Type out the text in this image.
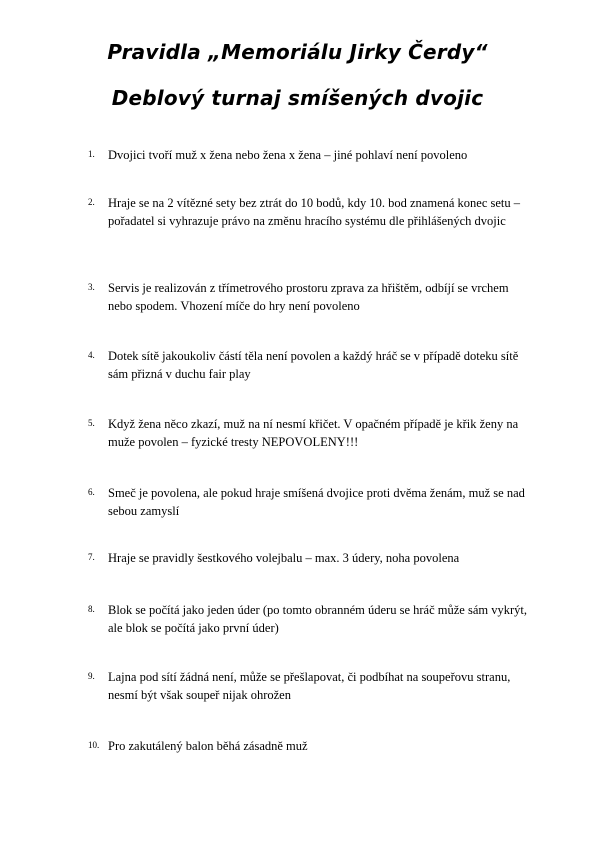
Pravidla „Memoriálu Jirky Čerdy“
Deblový turnaj smíšených dvojic
1.	Dvojici tvoří muž x žena nebo žena x žena – jiné pohlaví není povoleno
2.	Hraje se na 2 vítězné sety bez ztrát do 10 bodů, kdy 10. bod znamená konec setu – pořadatel si vyhrazuje právo na změnu hracího systému dle přihlášených dvojic
3.	Servis je realizován z třímetrového prostoru zprava za hřištěm, odbíjí se vrchem nebo spodem. Vhození míče do hry není povoleno
4.	Dotek sítě jakoukoliv částí těla není povolen a každý hráč se v případě doteku sítě sám přizná v duchu fair play
5.	Když žena něco zkazí, muž na ní nesmí křičet. V opačném případě je křik ženy na muže povolen – fyzické tresty NEPOVOLENY!!!
6.	Smeč je povolena, ale pokud hraje smíšená dvojice proti dvěma ženám, muž se nad sebou zamyslí
7.	Hraje se pravidly šestkového volejbalu – max. 3 údery, noha povolena
8.	Blok se počítá jako jeden úder (po tomto obranném úderu se hráč může sám vykrýt, ale blok se počítá jako první úder)
9.	Lajna pod sítí žádná není, může se přešlapovat, či podbíhat na soupeřovu stranu, nesmí být však soupeř nijak ohrožen
10. Pro zakutálený balon běhá zásadně muž
